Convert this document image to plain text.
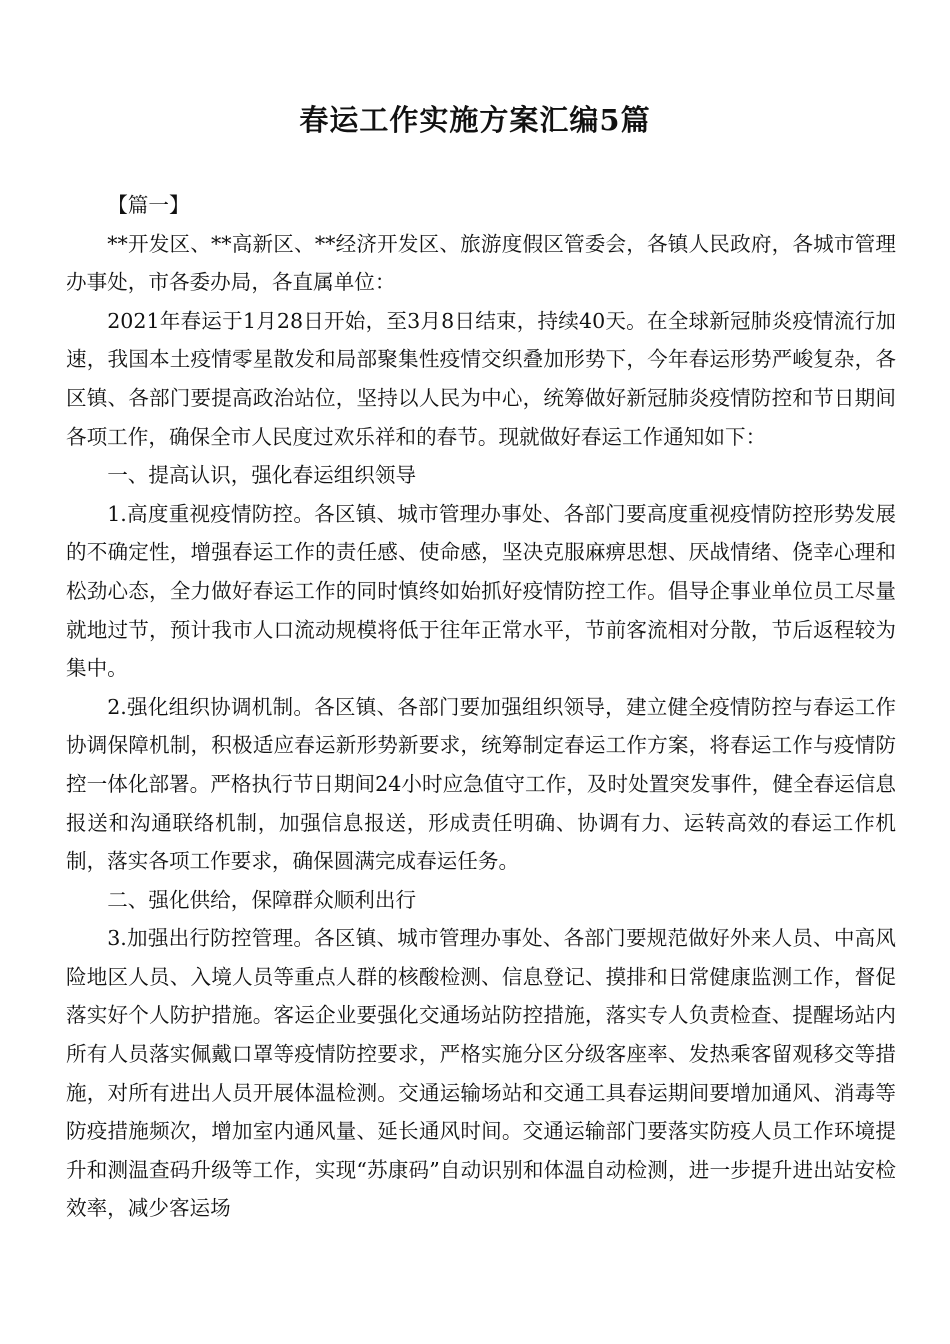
春运工作实施方案汇编5篇

【篇一】

**开发区、**高新区、**经济开发区、旅游度假区管委会，各镇人民政府，各城市管理办事处，市各委办局，各直属单位：

2021年春运于1月28日开始，至3月8日结束，持续40天。在全球新冠肺炎疫情流行加速，我国本土疫情零星散发和局部聚集性疫情交织叠加形势下，今年春运形势严峻复杂，各区镇、各部门要提高政治站位，坚持以人民为中心，统筹做好新冠肺炎疫情防控和节日期间各项工作，确保全市人民度过欢乐祥和的春节。现就做好春运工作通知如下：

一、提高认识，强化春运组织领导

1.高度重视疫情防控。各区镇、城市管理办事处、各部门要高度重视疫情防控形势发展的不确定性，增强春运工作的责任感、使命感，坚决克服麻痹思想、厌战情绪、侥幸心理和松劲心态，全力做好春运工作的同时慎终如始抓好疫情防控工作。倡导企事业单位员工尽量就地过节，预计我市人口流动规模将低于往年正常水平，节前客流相对分散，节后返程较为集中。

2.强化组织协调机制。各区镇、各部门要加强组织领导，建立健全疫情防控与春运工作协调保障机制，积极适应春运新形势新要求，统筹制定春运工作方案，将春运工作与疫情防控一体化部署。严格执行节日期间24小时应急值守工作，及时处置突发事件，健全春运信息报送和沟通联络机制，加强信息报送，形成责任明确、协调有力、运转高效的春运工作机制，落实各项工作要求，确保圆满完成春运任务。

二、强化供给，保障群众顺利出行

3.加强出行防控管理。各区镇、城市管理办事处、各部门要规范做好外来人员、中高风险地区人员、入境人员等重点人群的核酸检测、信息登记、摸排和日常健康监测工作，督促落实好个人防护措施。客运企业要强化交通场站防控措施，落实专人负责检查、提醒场站内所有人员落实佩戴口罩等疫情防控要求，严格实施分区分级客座率、发热乘客留观移交等措施，对所有进出人员开展体温检测。交通运输场站和交通工具春运期间要增加通风、消毒等防疫措施频次，增加室内通风量、延长通风时间。交通运输部门要落实防疫人员工作环境提升和测温查码升级等工作，实现“苏康码”自动识别和体温自动检测，进一步提升进出站安检效率，减少客运场
